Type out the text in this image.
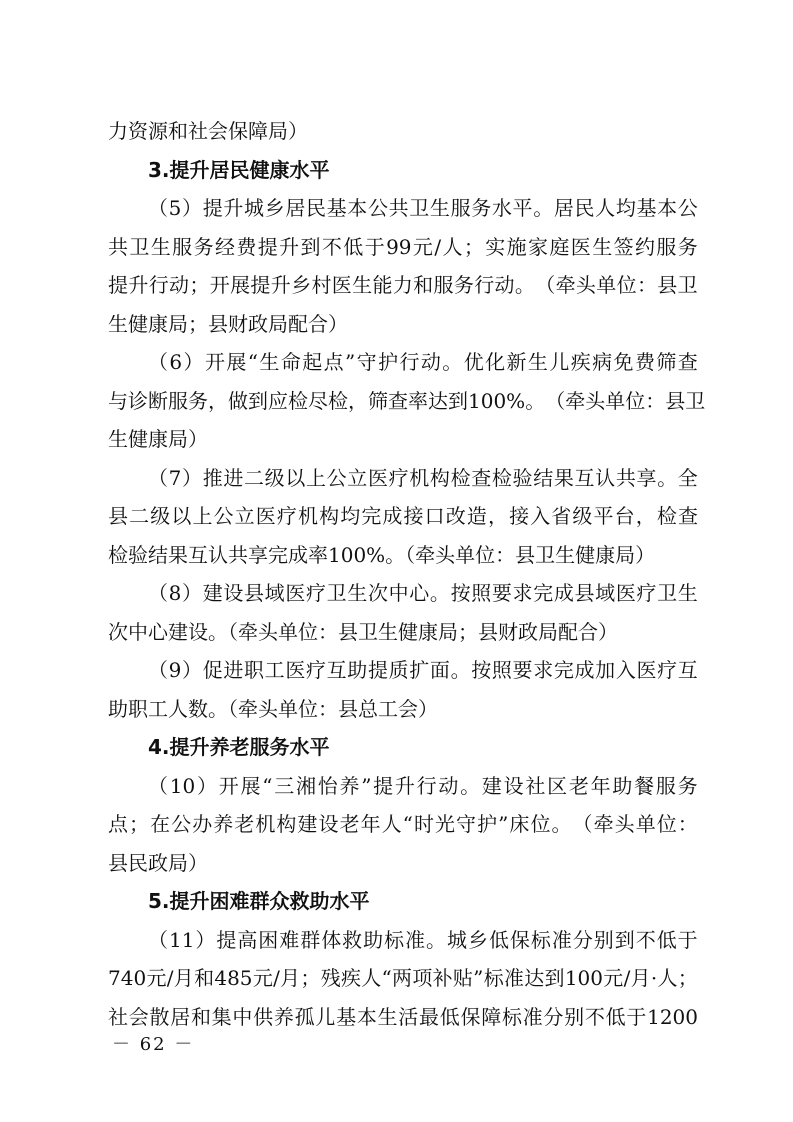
力资源和社会保障局）
3.提升居民健康水平
（ 5 ） 提 升 城 乡 居 民 基 本 公 共 卫 生 服 务 水 平 。 居 民 人 均 基 本 公
共 卫 生 服 务 经 费 提 升 到 不 低 于 99 元 / 人 ； 实 施 家 庭 医 生 签 约 服 务
提 升 行 动 ； 开 展 提 升 乡 村 医 生 能 力 和 服 务 行 动 。 （ 牵 头 单 位 ： 县 卫
生健康局；县财政局配合）
（ 6 ） 开 展 “ 生 命 起 点 ” 守 护 行 动 。 优 化 新 生 儿 疾 病 免 费 筛 查
与 诊 断 服 务 ， 做 到 应 检 尽 检 ， 筛 查 率 达 到 100% 。 （ 牵 头 单 位 ： 县 卫
生健康局）
（ 7 ） 推 进 二 级 以 上 公 立 医 疗 机 构 检 查 检 验 结 果 互 认 共 享 。 全
县 二 级 以 上 公 立 医 疗 机 构 均 完 成 接 口 改 造 ， 接 入 省 级 平 台 ， 检 查
检验结果互认共享完成率100%。（牵头单位：县卫生健康局）
（ 8 ） 建 设 县 域 医 疗 卫 生 次 中 心 。 按 照 要 求 完 成 县 域 医 疗 卫 生
次中心建设。（牵头单位：县卫生健康局；县财政局配合）
（ 9 ） 促 进 职 工 医 疗 互 助 提 质 扩 面 。 按 照 要 求 完 成 加 入 医 疗 互
助职工人数。（牵头单位：县总工会）
4.提升养老服务水平
（ 10 ） 开 展 “ 三 湘 怡 养 ” 提 升 行 动 。 建 设 社 区 老 年 助 餐 服 务
点 ； 在 公 办 养 老 机 构 建 设 老 年 人 “ 时 光 守 护 ” 床 位 。 （ 牵 头 单 位 ：
县民政局）
5.提升困难群众救助水平
（ 11 ） 提 高 困 难 群 体 救 助 标 准 。 城 乡 低 保 标 准 分 别 到 不 低 于
740 元 / 月 和 485 元 / 月 ； 残 疾 人 “ 两 项 补 贴 ” 标 准 达 到 100 元 / 月 · 人 ；
社 会 散 居 和 集 中 供 养 孤 儿 基 本 生 活 最 低 保 障 标 准 分 别 不 低 于 1200
－ 62 －
